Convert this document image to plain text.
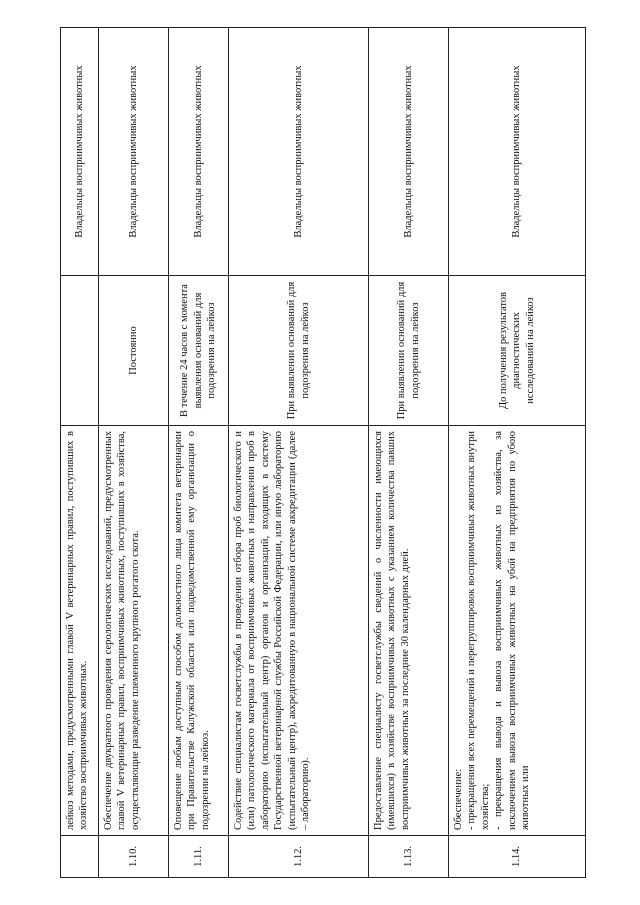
	лейкоз методами, предусмотренными главой V ветеринарных правил, поступивших в хозяйство восприимчивых животных.		Владельцы восприимчивых животных
1.10.	Обеспечение двукратного проведения серологических исследований, предусмотренных главой V ветеринарных правил, восприимчивых животных, поступивших в хозяйства, осуществляющие разведение племенного крупного рогатого скота.	Постоянно	Владельцы восприимчивых животных
1.11.	Оповещение любым доступным способом должностного лица комитета ветеринарии при Правительстве Калужской области или подведомственной ему организации о подозрении на лейкоз.	В течение 24 часов с момента выявления оснований для подозрения на лейкоз	Владельцы восприимчивых животных
1.12.	Содействие специалистам госветслужбы в проведении отбора проб биологического и (или) патологического материала от восприимчивых животных и направлении проб в лабораторию (испытательный центр) органов и организаций, входящих в систему Государственной ветеринарной службы Российской Федерации, или иную лабораторию (испытательный центр), аккредитованную в национальной системе аккредитации (далее – лабораторию).	При выявлении оснований для подозрения на лейкоз	Владельцы восприимчивых животных
1.13.	Предоставление специалисту госветслужбы сведений о численности имеющихся (имевшихся) в хозяйстве восприимчивых животных с указанием количества павших восприимчивых животных за последние 30 календарных дней.	При выявлении оснований для подозрения на лейкоз	Владельцы восприимчивых животных
1.14.	Обеспечение: - прекращения всех перемещений и перегруппировок восприимчивых животных внутри хозяйства; - прекращения вывода и вывоза восприимчивых животных из хозяйства, за исключением вывоза восприимчивых животных на убой на предприятия по убою животных или	До получения результатов диагностических исследований на лейкоз	Владельцы восприимчивых животных
